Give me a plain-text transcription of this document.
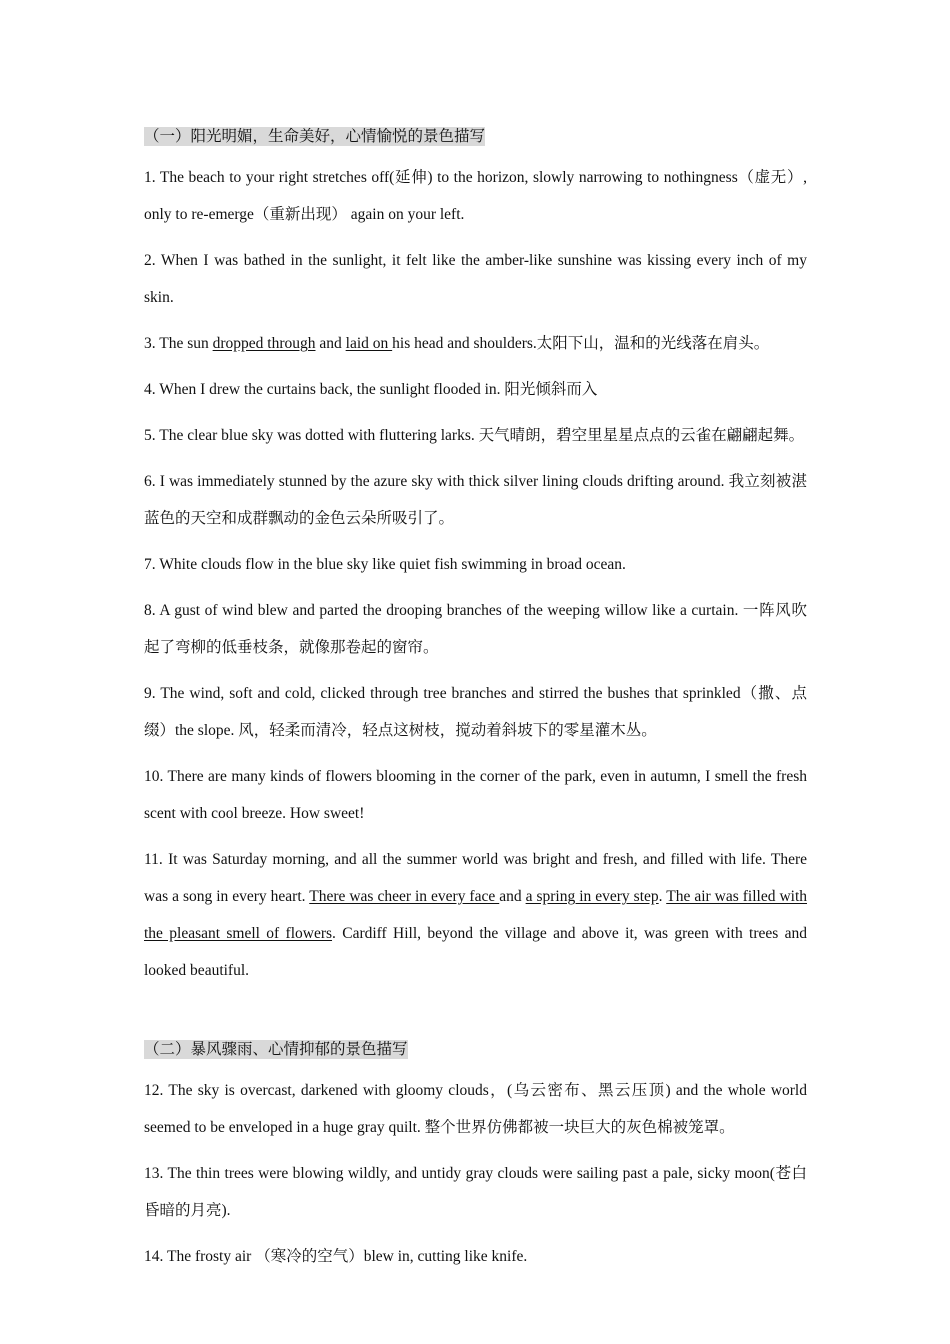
（一）阳光明媚，生命美好，心情愉悦的景色描写

1. The beach to your right stretches off(延伸) to the horizon, slowly narrowing to nothingness（虚无）, only to re-emerge（重新出现） again on your left.

2. When I was bathed in the sunlight, it felt like the amber-like sunshine was kissing every inch of my skin.

3. The sun dropped through and laid on his head and shoulders.太阳下山，温和的光线落在肩头。

4. When I drew the curtains back, the sunlight flooded in. 阳光倾斜而入

5. The clear blue sky was dotted with fluttering larks. 天气晴朗，碧空里星星点点的云雀在翩翩起舞。

6. I was immediately stunned by the azure sky with thick silver lining clouds drifting around. 我立刻被湛蓝色的天空和成群飘动的金色云朵所吸引了。

7. White clouds flow in the blue sky like quiet fish swimming in broad ocean.

8. A gust of wind blew and parted the drooping branches of the weeping willow like a curtain. 一阵风吹起了弯柳的低垂枝条，就像那卷起的窗帘。

9. The wind, soft and cold, clicked through tree branches and stirred the bushes that sprinkled（撒、点缀）the slope. 风，轻柔而清冷，轻点这树枝，搅动着斜坡下的零星灌木丛。

10. There are many kinds of flowers blooming in the corner of the park, even in autumn, I smell the fresh scent with cool breeze. How sweet!

11. It was Saturday morning, and all the summer world was bright and fresh, and filled with life. There was a song in every heart. There was cheer in every face and a spring in every step. The air was filled with the pleasant smell of flowers. Cardiff Hill, beyond the village and above it, was green with trees and looked beautiful.

（二）暴风骤雨、心情抑郁的景色描写

12. The sky is overcast, darkened with gloomy clouds，(乌云密布、黑云压顶) and the whole world seemed to be enveloped in a huge gray quilt. 整个世界仿佛都被一块巨大的灰色棉被笼罩。

13. The thin trees were blowing wildly, and untidy gray clouds were sailing past a pale, sicky moon(苍白昏暗的月亮).

14. The frosty air （寒冷的空气）blew in, cutting like knife.
